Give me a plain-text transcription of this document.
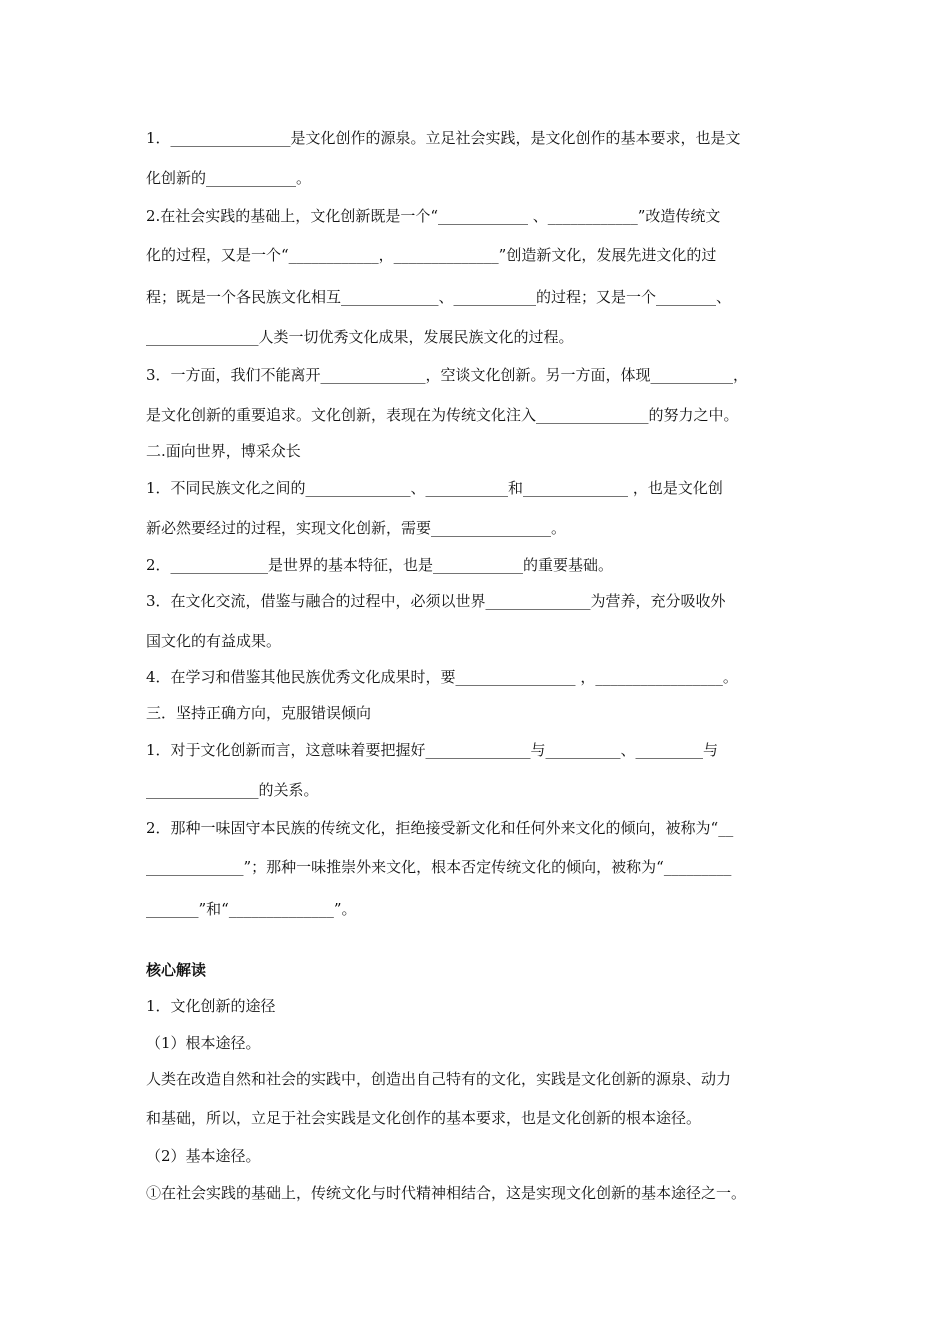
1．________________是文化创作的源泉。立足社会实践，是文化创作的基本要求，也是文
化创新的____________。
2.在社会实践的基础上，文化创新既是一个“____________ 、____________”改造传统文
化的过程，又是一个“____________，______________”创造新文化，发展先进文化的过
程；既是一个各民族文化相互_____________、___________的过程；又是一个________、
_______________人类一切优秀文化成果，发展民族文化的过程。
3．一方面，我们不能离开______________，空谈文化创新。另一方面，体现___________，
是文化创新的重要追求。文化创新，表现在为传统文化注入_______________的努力之中。
二.面向世界，博采众长
1．不同民族文化之间的______________、___________和______________ ，也是文化创
新必然要经过的过程，实现文化创新，需要________________。
2．_____________是世界的基本特征，也是____________的重要基础。
3．在文化交流，借鉴与融合的过程中，必须以世界______________为营养，充分吸收外
国文化的有益成果。
4．在学习和借鉴其他民族优秀文化成果时，要________________ ，_________________。
三．坚持正确方向，克服错误倾向
1．对于文化创新而言，这意味着要把握好______________与__________、_________与
_______________的关系。
2．那种一味固守本民族的传统文化，拒绝接受新文化和任何外来文化的倾向，被称为“__
_____________”；那种一味推崇外来文化，根本否定传统文化的倾向，被称为“_________
_______”和“______________”。
核心解读
1．文化创新的途径
（1）根本途径。
人类在改造自然和社会的实践中，创造出自己特有的文化，实践是文化创新的源泉、动力
和基础，所以，立足于社会实践是文化创作的基本要求，也是文化创新的根本途径。
（2）基本途径。
①在社会实践的基础上，传统文化与时代精神相结合，这是实现文化创新的基本途径之一。
